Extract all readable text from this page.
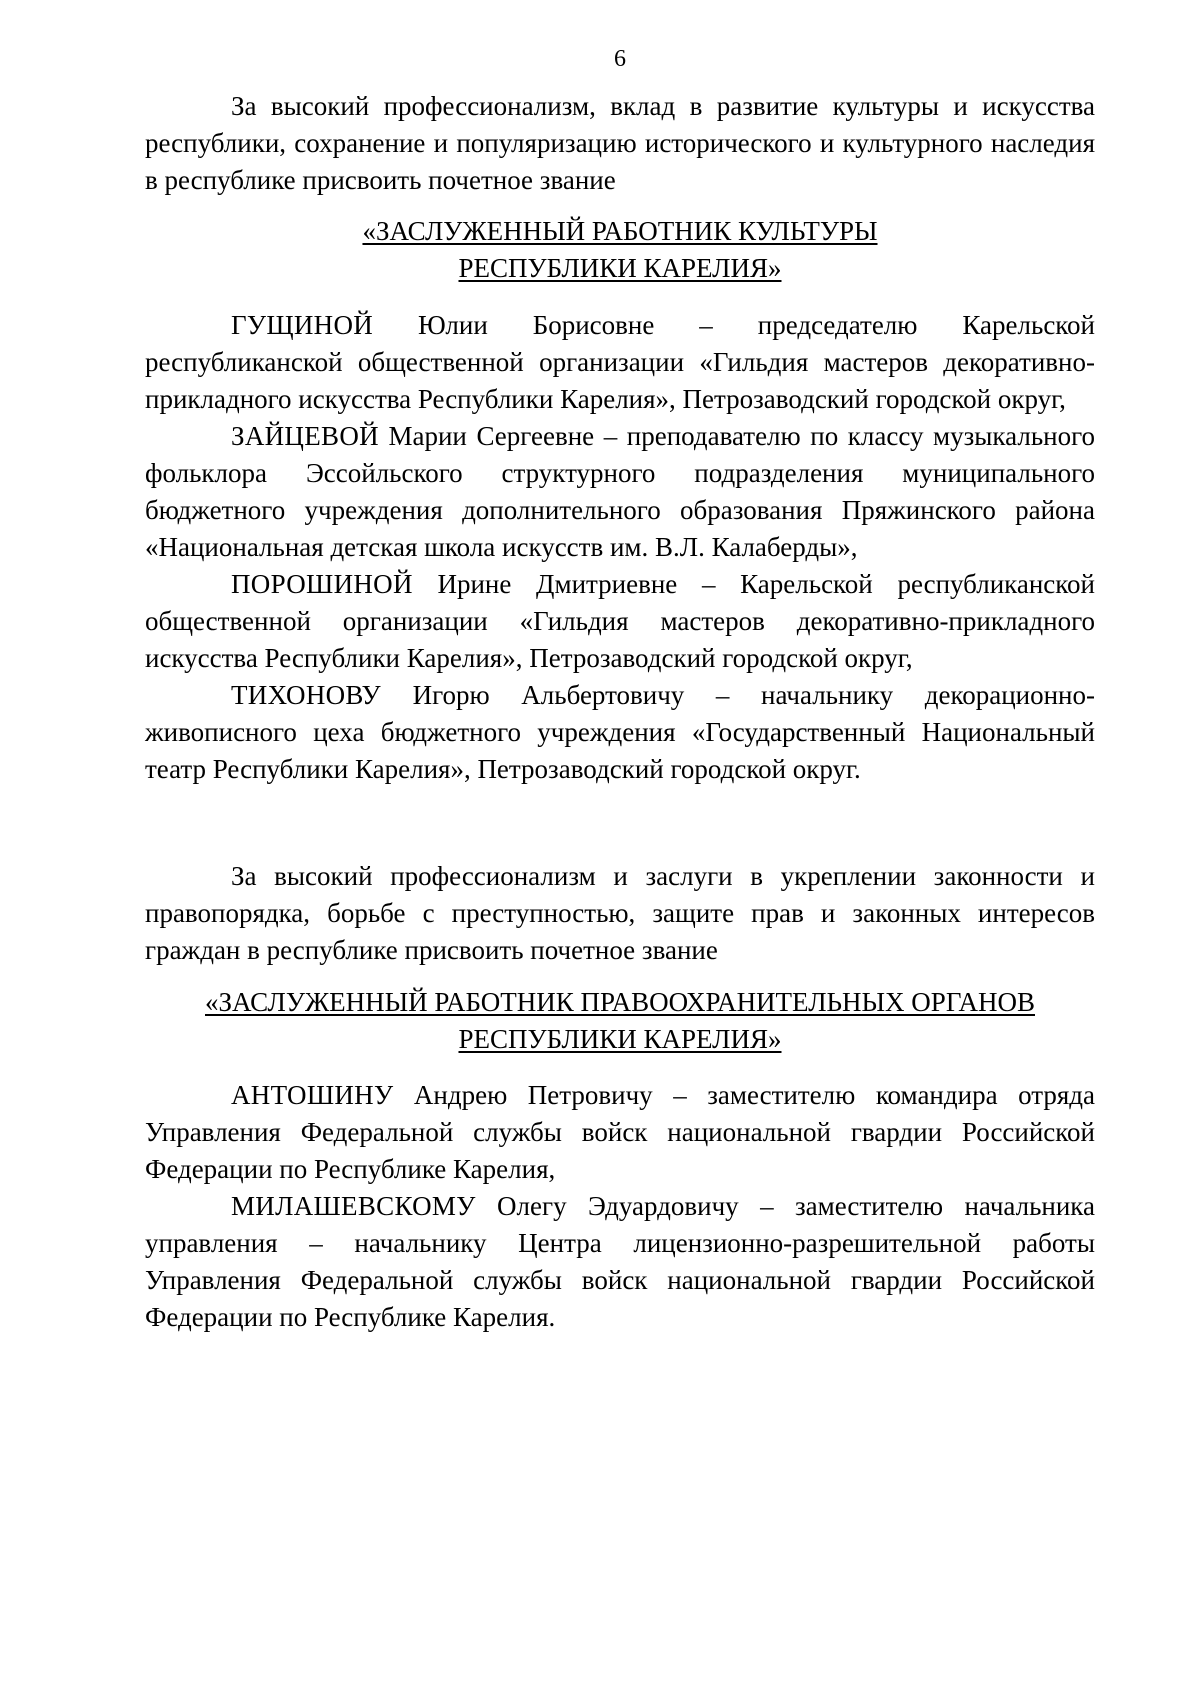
6

За высокий профессионализм, вклад в развитие культуры и искусства республики, сохранение и популяризацию исторического и культурного наследия в республике присвоить почетное звание

«ЗАСЛУЖЕННЫЙ РАБОТНИК КУЛЬТУРЫ
РЕСПУБЛИКИ КАРЕЛИЯ»

ГУЩИНОЙ Юлии Борисовне – председателю Карельской республиканской общественной организации «Гильдия мастеров декоративно-прикладного искусства Республики Карелия», Петрозаводский городской округ,

ЗАЙЦЕВОЙ Марии Сергеевне – преподавателю по классу музыкального фольклора Эссойльского структурного подразделения муниципального бюджетного учреждения дополнительного образования Пряжинского района «Национальная детская школа искусств им. В.Л. Калаберды»,

ПОРОШИНОЙ Ирине Дмитриевне – Карельской республиканской общественной организации «Гильдия мастеров декоративно-прикладного искусства Республики Карелия», Петрозаводский городской округ,

ТИХОНОВУ Игорю Альбертовичу – начальнику декорационно-живописного цеха бюджетного учреждения «Государственный Национальный театр Республики Карелия», Петрозаводский городской округ.

За высокий профессионализм и заслуги в укреплении законности и правопорядка, борьбе с преступностью, защите прав и законных интересов граждан в республике присвоить почетное звание

«ЗАСЛУЖЕННЫЙ РАБОТНИК ПРАВООХРАНИТЕЛЬНЫХ ОРГАНОВ
РЕСПУБЛИКИ КАРЕЛИЯ»

АНТОШИНУ Андрею Петровичу – заместителю командира отряда Управления Федеральной службы войск национальной гвардии Российской Федерации по Республике Карелия,

МИЛАШЕВСКОМУ Олегу Эдуардовичу – заместителю начальника управления – начальнику Центра лицензионно-разрешительной работы Управления Федеральной службы войск национальной гвардии Российской Федерации по Республике Карелия.
